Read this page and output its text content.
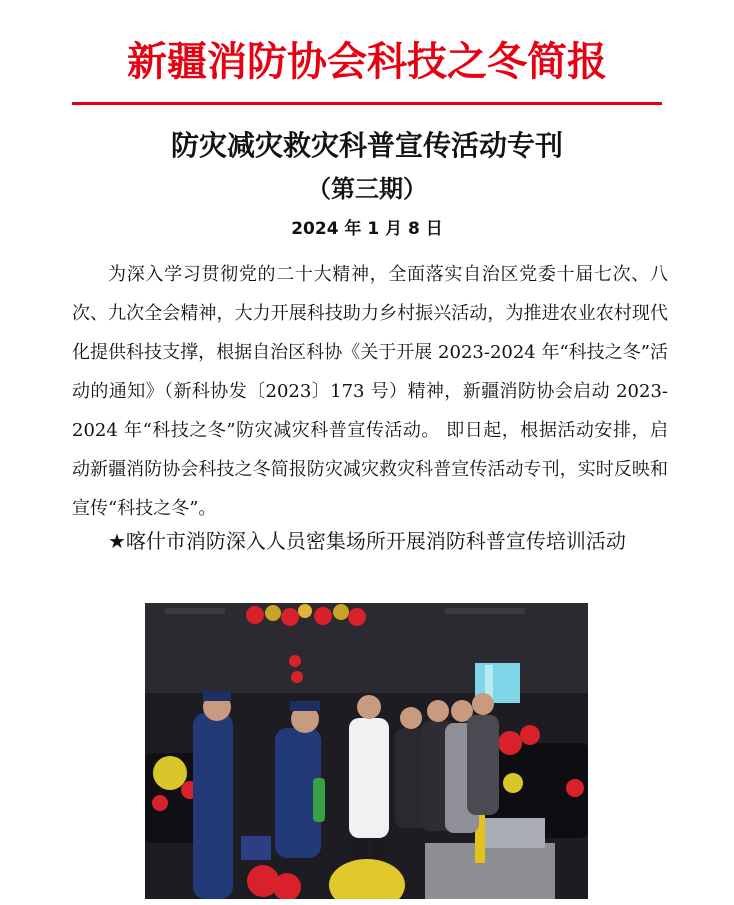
新疆消防协会科技之冬简报
防灾减灾救灾科普宣传活动专刊
（第三期）
2024 年 1 月 8 日

为深入学习贯彻党的二十大精神，全面落实自治区党委十届七次、八次、九次全会精神，大力开展科技助力乡村振兴活动，为推进农业农村现代化提供科技支撑，根据自治区科协《关于开展 2023-2024 年“科技之冬”活动的通知》（新科协发〔2023〕173 号）精神，新疆消防协会启动 2023-2024 年“科技之冬”防灾减灾科普宣传活动。 即日起，根据活动安排，启动新疆消防协会科技之冬简报防灾减灾救灾科普宣传活动专刊，实时反映和宣传“科技之冬”。

★喀什市消防深入人员密集场所开展消防科普宣传培训活动
